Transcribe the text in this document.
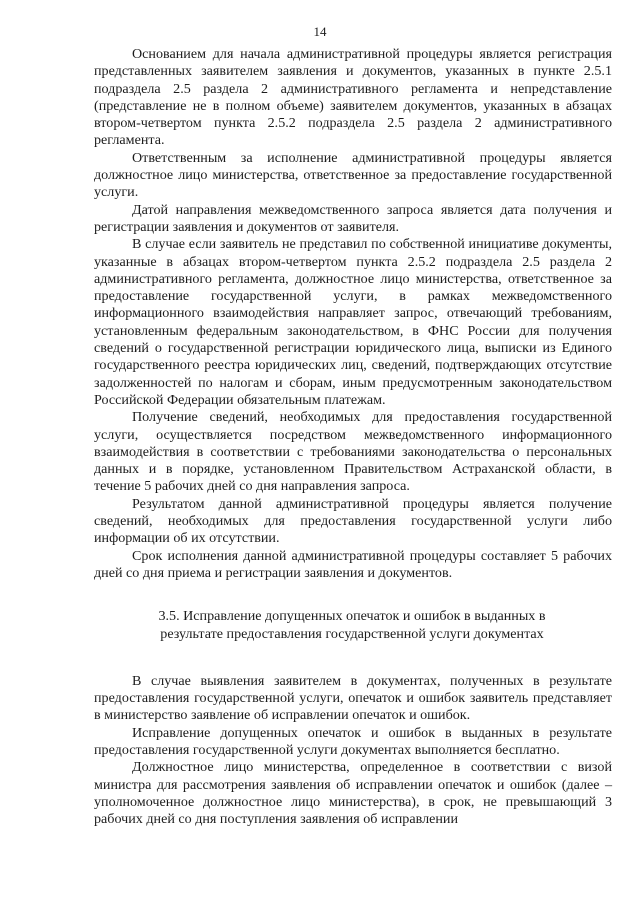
14

Основанием для начала административной процедуры является регистрация представленных заявителем заявления и документов, указанных в пункте 2.5.1 подраздела 2.5 раздела 2 административного регламента и непредставление (представление не в полном объеме) заявителем документов, указанных в абзацах втором-четвертом пункта 2.5.2 подраздела 2.5 раздела 2 административного регламента.

Ответственным за исполнение административной процедуры является должностное лицо министерства, ответственное за предоставление государственной услуги.

Датой направления межведомственного запроса является дата получения и регистрации заявления и документов от заявителя.

В случае если заявитель не представил по собственной инициативе документы, указанные в абзацах втором-четвертом пункта 2.5.2 подраздела 2.5 раздела 2 административного регламента, должностное лицо министерства, ответственное за предоставление государственной услуги, в рамках межведомственного информационного взаимодействия направляет запрос, отвечающий требованиям, установленным федеральным законодательством, в ФНС России для получения сведений о государственной регистрации юридического лица, выписки из Единого государственного реестра юридических лиц, сведений, подтверждающих отсутствие задолженностей по налогам и сборам, иным предусмотренным законодательством Российской Федерации обязательным платежам.

Получение сведений, необходимых для предоставления государственной услуги, осуществляется посредством межведомственного информационного взаимодействия в соответствии с требованиями законодательства о персональных данных и в порядке, установленном Правительством Астраханской области, в течение 5 рабочих дней со дня направления запроса.

Результатом данной административной процедуры является получение сведений, необходимых для предоставления государственной услуги либо информации об их отсутствии.

Срок исполнения данной административной процедуры составляет 5 рабочих дней со дня приема и регистрации заявления и документов.

3.5. Исправление допущенных опечаток и ошибок в выданных в
результате предоставления государственной услуги документах

В случае выявления заявителем в документах, полученных в результате предоставления государственной услуги, опечаток и ошибок заявитель представляет в министерство заявление об исправлении опечаток и ошибок.

Исправление допущенных опечаток и ошибок в выданных в результате предоставления государственной услуги документах выполняется бесплатно.

Должностное лицо министерства, определенное в соответствии с визой министра для рассмотрения заявления об исправлении опечаток и ошибок (далее – уполномоченное должностное лицо министерства), в срок, не превышающий 3 рабочих дней со дня поступления заявления об исправлении
